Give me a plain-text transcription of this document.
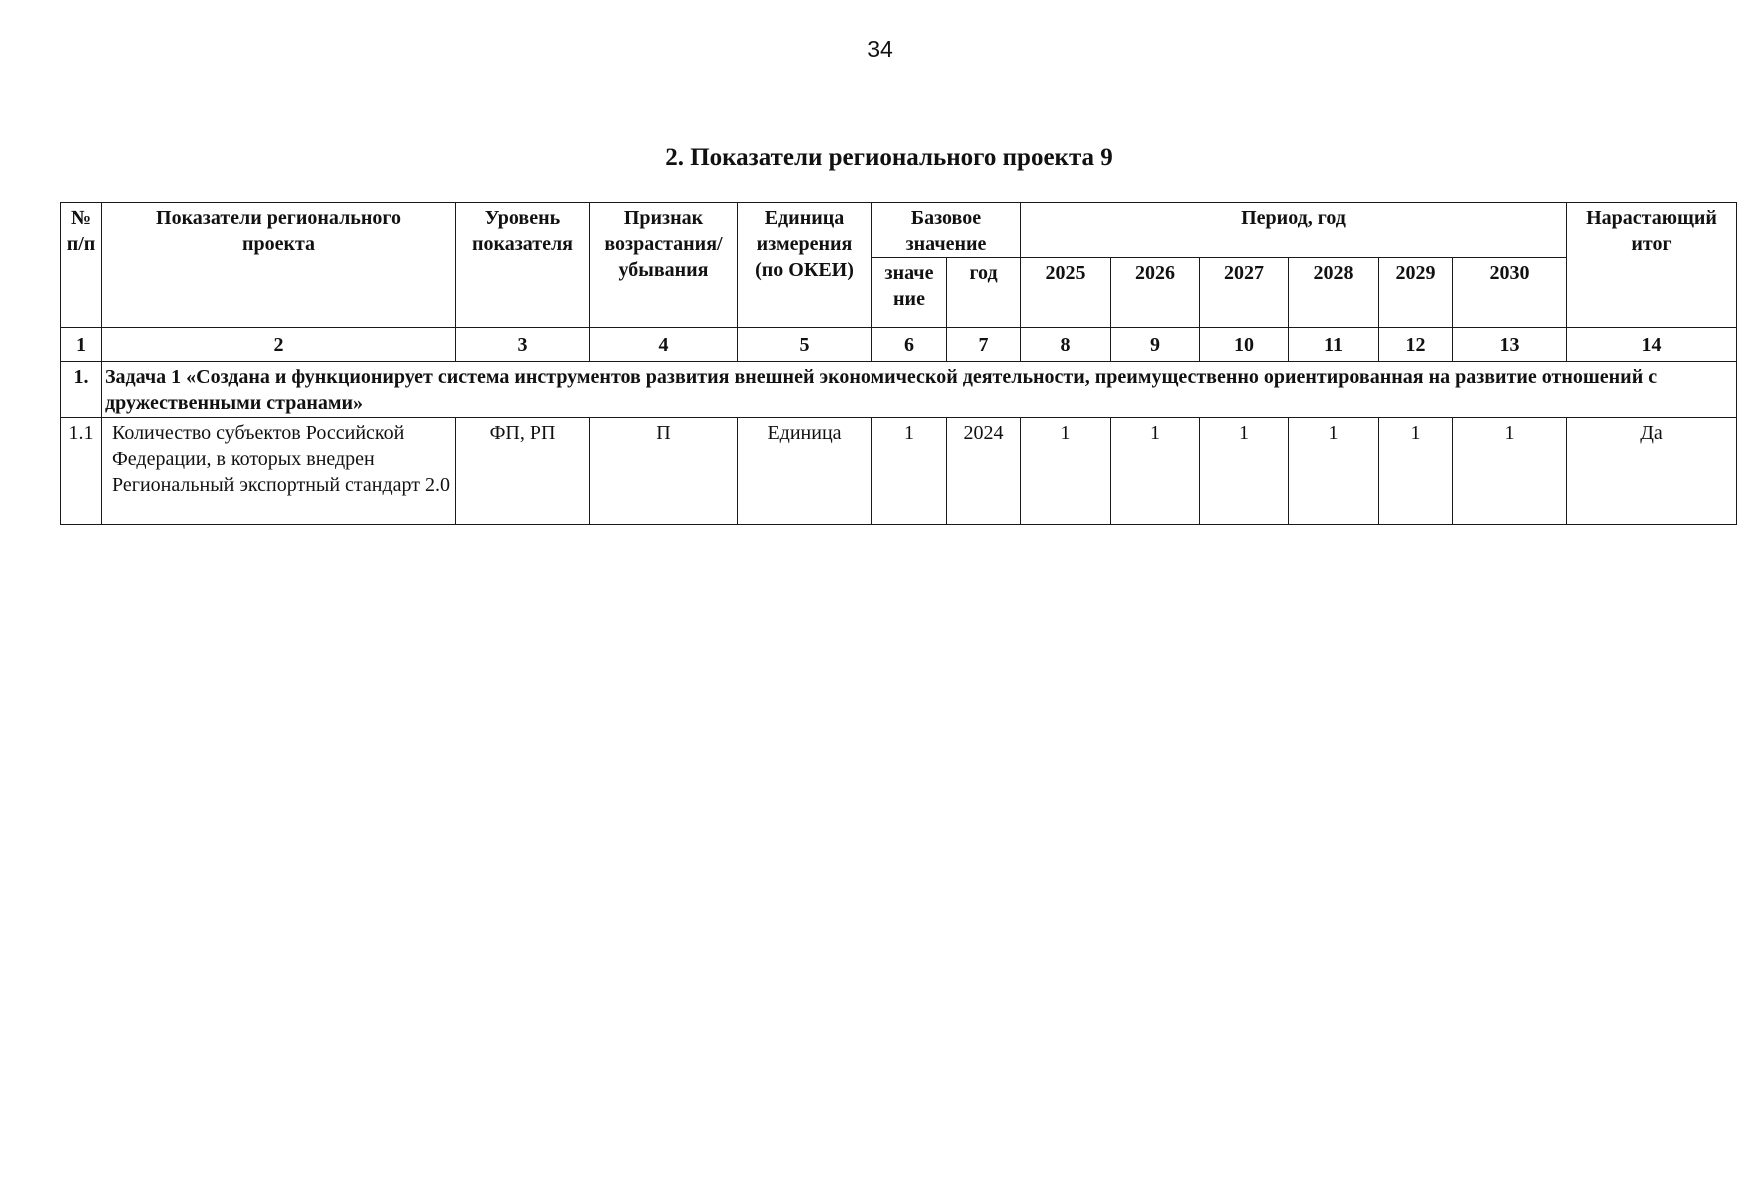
34
2. Показатели регионального проекта 9
№
п/п	Показатели регионального проекта	Уровень показателя	Признак возрастания/ убывания	Единица измерения (по ОКЕИ)	Базовое значение		Период, год						Нарастающий итог
					значе ние	год	2025	2026	2027	2028	2029	2030	
1	2	3	4	5	6	7	8	9	10	11	12	13	14
1.	Задача 1 «Создана и функционирует система инструментов развития внешней экономической деятельности, преимущественно ориентированная на развитие отношений с дружественными странами»												
1.1	Количество субъектов Российской Федерации, в которых внедрен Региональный экспортный стандарт 2.0	ФП, РП	П	Единица	1	2024	1	1	1	1	1	1	Да
